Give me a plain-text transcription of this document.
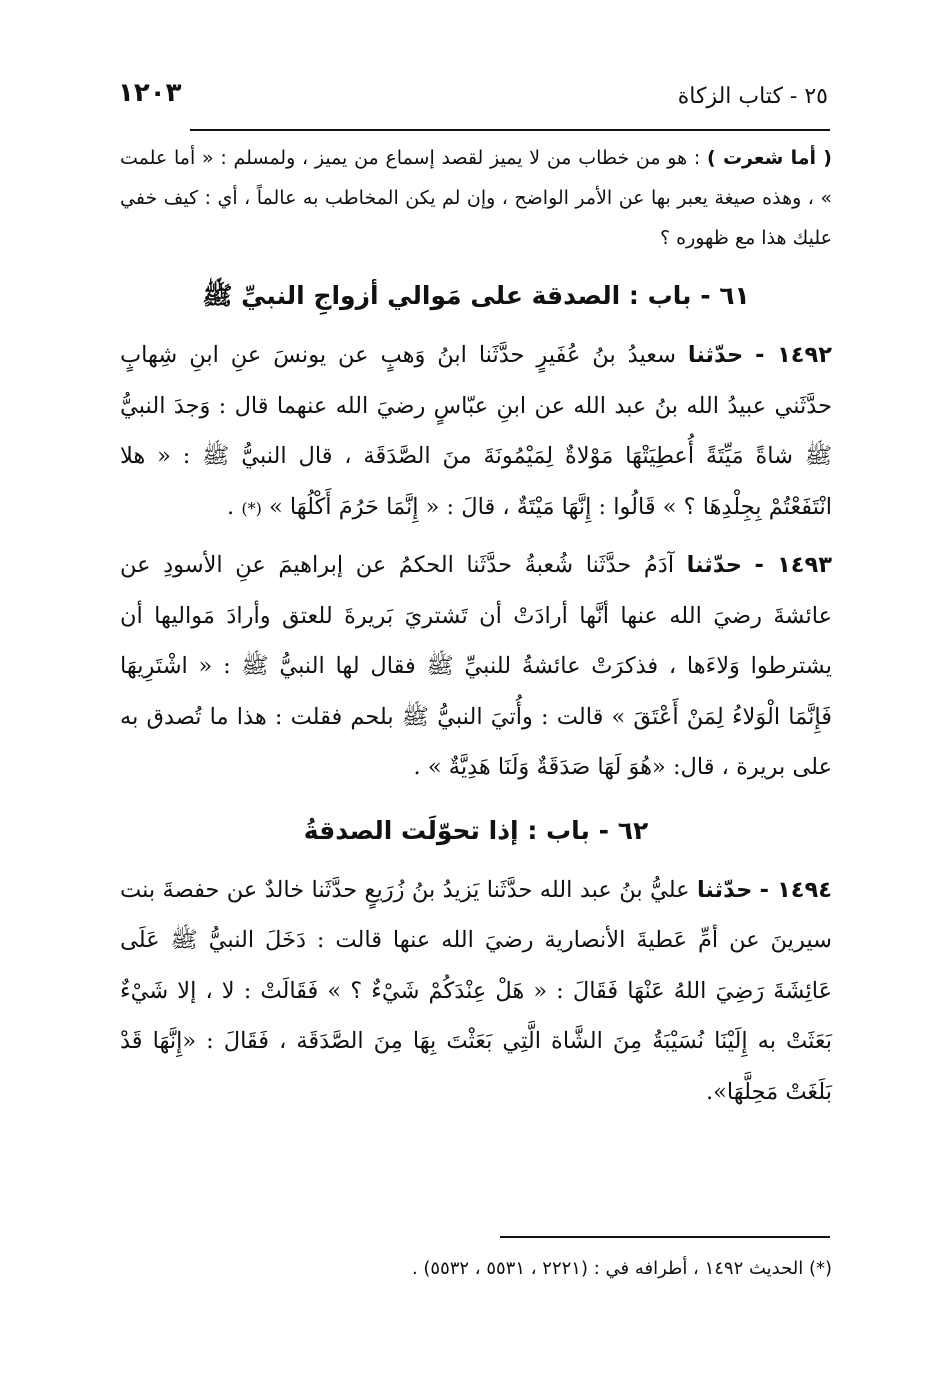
٢٥ - كتاب الزكاة
١٢٠٣

( أما شعرت ) : هو من خطاب من لا يميز لقصد إسماع من يميز ، ولمسلم : « أما علمت » ، وهذه صيغة يعبر بها عن الأمر الواضح ، وإن لم يكن المخاطب به عالماً ، أي : كيف خفي عليك هذا مع ظهوره ؟

٦١ - باب : الصدقة على مَوالي أزواجِ النبيِّ ﷺ

١٤٩٢ - حدّثنا سعيدُ بنُ عُفَيرٍ حدَّثَنا ابنُ وَهبٍ عن يونسَ عنِ ابنِ شِهابٍ حدَّثَني عبيدُ الله بنُ عبد الله عن ابنِ عبّاسٍ رضيَ الله عنهما قال : وَجدَ النبيُّ ﷺ شاةً مَيِّتَةً أُعطِيَتْهَا مَوْلاةٌ لِمَيْمُونَةَ منَ الصَّدَقَة ، قال النبيُّ ﷺ : « هلا انْتَفَعْتُمْ بِجِلْدِهَا ؟ » قَالُوا : إِنَّهَا مَيْتَةٌ ، قالَ : « إِنَّمَا حَرُمَ أَكْلُهَا » (*) .

١٤٩٣ - حدّثنا آدَمُ حدَّثَنا شُعبةُ حدَّثَنا الحكمُ عن إبراهيمَ عنِ الأسودِ عن عائشةَ رضيَ الله عنها أنَّها أرادَتْ أن تَشتريَ بَريرةَ للعتق وأرادَ مَواليها أن يشترطوا وَلاءَها ، فذكرَتْ عائشةُ للنبيِّ ﷺ فقال لها النبيُّ ﷺ : « اشْتَرِيهَا فَإِنَّمَا الْوَلاءُ لِمَنْ أَعْتَقَ » قالت : وأُتيَ النبيُّ ﷺ بلحم فقلت : هذا ما تُصدق به على بريرة ، قال: «هُوَ لَهَا صَدَقَةٌ وَلَنَا هَدِيَّةٌ » .

٦٢ - باب : إذا تحوّلَت الصدقةُ

١٤٩٤ - حدّثنا عليُّ بنُ عبد الله حدَّثَنا يَزيدُ بنُ زُرَيعٍ حدَّثَنا خالدٌ عن حفصةَ بنت سيرينَ عن أمِّ عَطيةَ الأنصارية رضيَ الله عنها قالت : دَخَلَ النبيُّ ﷺ عَلَى عَائِشَةَ رَضِيَ اللهُ عَنْهَا فَقَالَ : « هَلْ عِنْدَكُمْ شَيْءٌ ؟ » فَقَالَتْ : لا ، إلا شَيْءٌ بَعَثَتْ به إِلَيْنَا نُسَيْبَةُ مِنَ الشَّاة الَّتِي بَعَثْتَ بِهَا مِنَ الصَّدَقَة ، فَقَالَ : «إِنَّهَا قَدْ بَلَغَتْ مَحِلَّهَا».

(*) الحديث ١٤٩٢ ، أطرافه في : (٢٢٢١ ، ٥٥٣١ ، ٥٥٣٢) .
